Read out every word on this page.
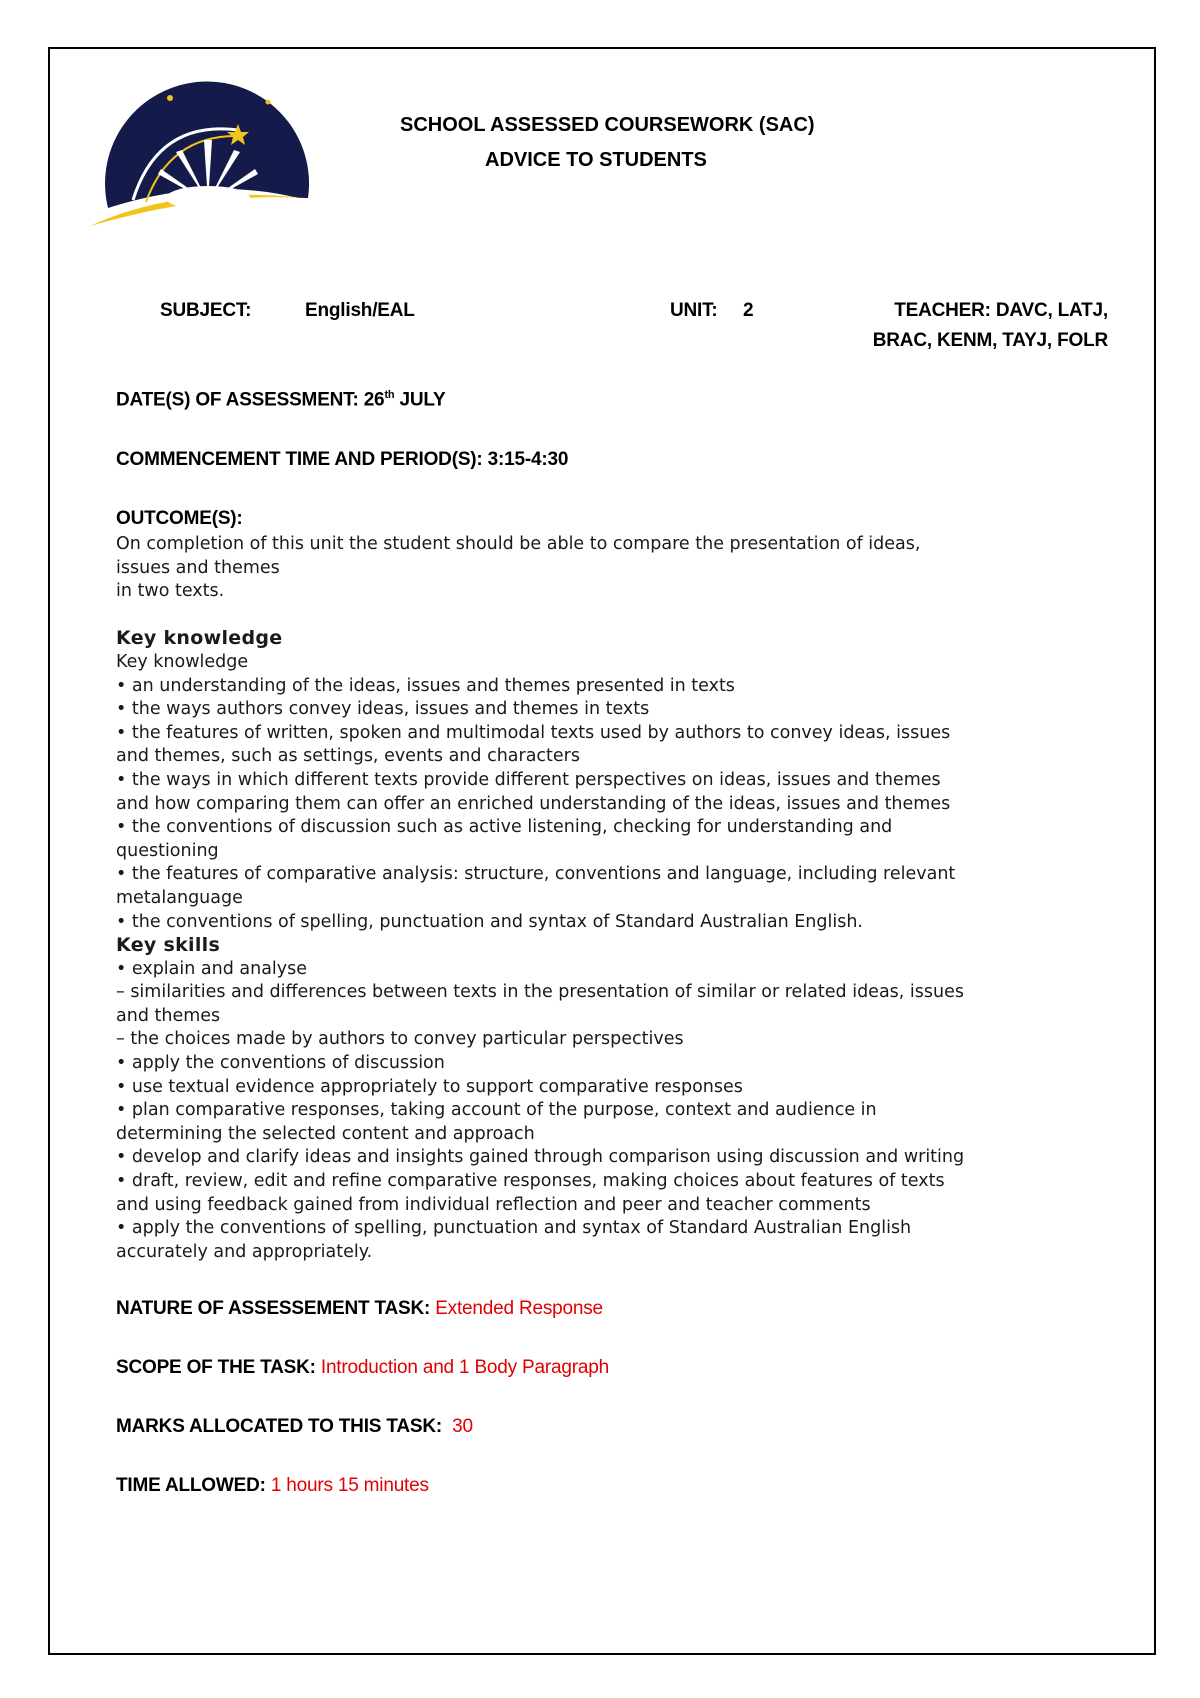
SCHOOL ASSESSED COURSEWORK (SAC)
ADVICE TO STUDENTS
SUBJECT:	English/EAL	UNIT: 2	TEACHER: DAVC, LATJ,
BRAC, KENM, TAYJ, FOLR
DATE(S) OF ASSESSMENT: 26th JULY
COMMENCEMENT TIME AND PERIOD(S): 3:15-4:30
OUTCOME(S):
On completion of this unit the student should be able to compare the presentation of ideas,
issues and themes
in two texts.

Key knowledge
Key knowledge
• an understanding of the ideas, issues and themes presented in texts
• the ways authors convey ideas, issues and themes in texts
• the features of written, spoken and multimodal texts used by authors to convey ideas, issues
and themes, such as settings, events and characters
• the ways in which different texts provide different perspectives on ideas, issues and themes
and how comparing them can offer an enriched understanding of the ideas, issues and themes
• the conventions of discussion such as active listening, checking for understanding and
questioning
• the features of comparative analysis: structure, conventions and language, including relevant
metalanguage
• the conventions of spelling, punctuation and syntax of Standard Australian English.
Key skills
• explain and analyse
– similarities and differences between texts in the presentation of similar or related ideas, issues
and themes
– the choices made by authors to convey particular perspectives
• apply the conventions of discussion
• use textual evidence appropriately to support comparative responses
• plan comparative responses, taking account of the purpose, context and audience in
determining the selected content and approach
• develop and clarify ideas and insights gained through comparison using discussion and writing
• draft, review, edit and refine comparative responses, making choices about features of texts
and using feedback gained from individual reflection and peer and teacher comments
• apply the conventions of spelling, punctuation and syntax of Standard Australian English
accurately and appropriately.
NATURE OF ASSESSEMENT TASK: Extended Response
SCOPE OF THE TASK: Introduction and 1 Body Paragraph
MARKS ALLOCATED TO THIS TASK:  30
TIME ALLOWED: 1 hours 15 minutes
